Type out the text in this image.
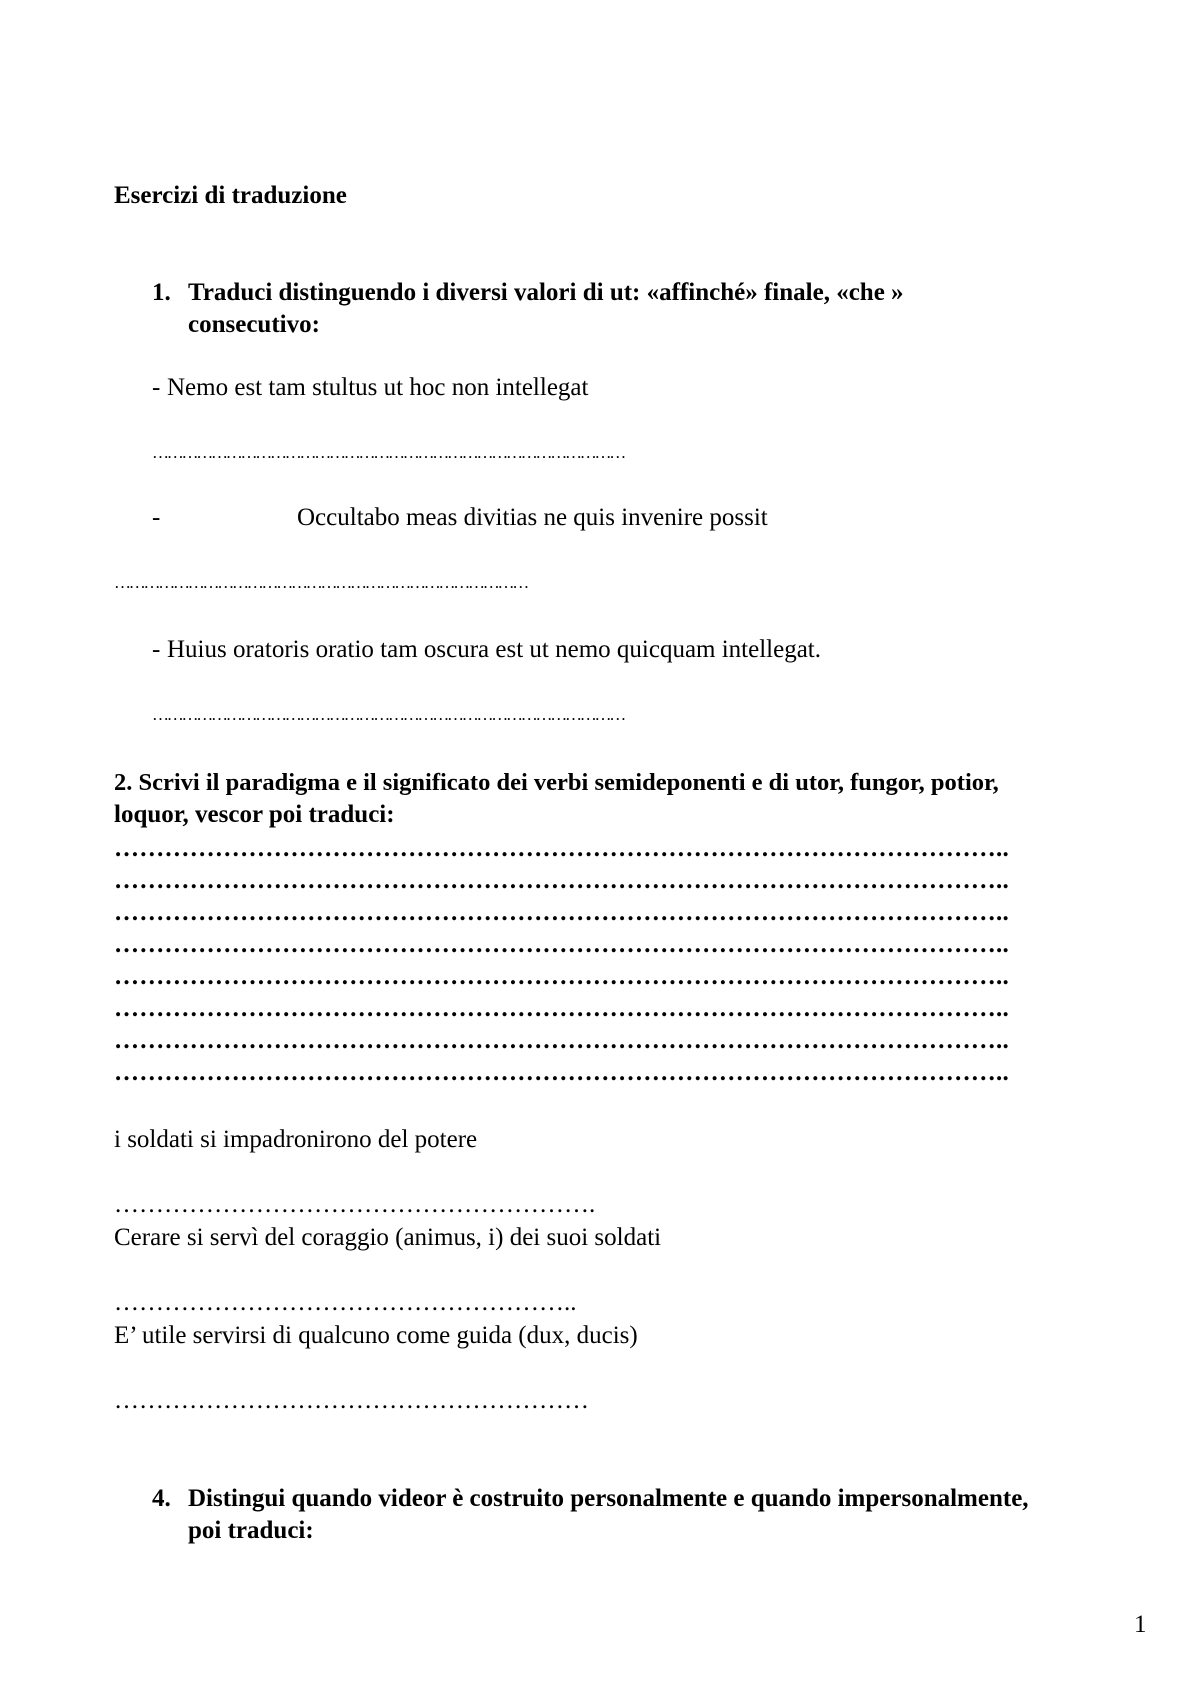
Esercizi di traduzione
1. Traduci distinguendo i diversi valori di ut: «affinché» finale, «che »
consecutivo:
- Nemo est tam stultus ut hoc non intellegat
……………………………………………………………………………………
-	Occultabo meas divitias ne quis invenire possit
…………………………………………………………………………
- Huius oratoris oratio tam oscura est ut nemo quicquam intellegat.
……………………………………………………………………………………
2. Scrivi il paradigma e il significato dei verbi semideponenti e di utor, fungor, potior,
loquor, vescor poi traduci:
……………………………………………………………………………………………..
……………………………………………………………………………………………..
……………………………………………………………………………………………..
……………………………………………………………………………………………..
……………………………………………………………………………………………..
……………………………………………………………………………………………..
……………………………………………………………………………………………..
……………………………………………………………………………………………..
i soldati si impadronirono del potere
………………………………………………….
Cerare si servì del coraggio (animus, i) dei suoi soldati
………………………………………………..
E’ utile servirsi di qualcuno come guida (dux, ducis)
…………………………………………………
4. Distingui quando videor è costruito personalmente e quando impersonalmente,
poi traduci:
1
